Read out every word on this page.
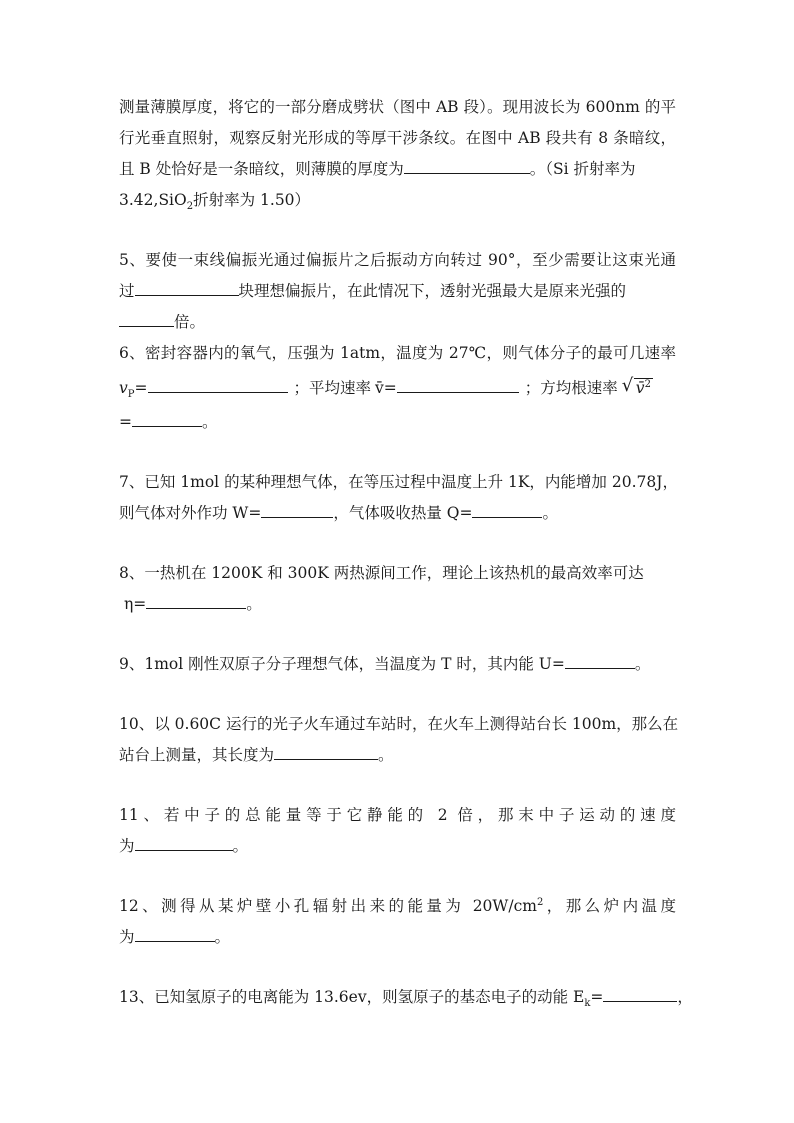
测量薄膜厚度，将它的一部分磨成劈状（图中 AB 段）。现用波长为 600nm 的平
行光垂直照射，观察反射光形成的等厚干涉条纹。在图中 AB 段共有 8 条暗纹，
且 B 处恰好是一条暗纹，则薄膜的厚度为	。（Si 折射率为
3.42,SiO$_2$折射率为 1.50）
5、要使一束线偏振光通过偏振片之后振动方向转过 90°，至少需要让这束光通
过	块理想偏振片，在此情况下，透射光强最大是原来光强的
倍。
6、密封容器内的氧气，压强为 1atm，温度为 27℃，则气体分子的最可几速率
$v_P=$	；平均速率 v̄=	；方均根速率√ v̄$^2$
=	。
7、已知 1mol 的某种理想气体，在等压过程中温度上升 1K，内能增加 20.78J，
则气体对外作功 W=	，气体吸收热量 Q=	。
8、一热机在 1200K 和 300K 两热源间工作，理论上该热机的最高效率可达
η=	。
9、1mol 刚性双原子分子理想气体，当温度为 T 时，其内能 U=	。
10、以 0.60C 运行的光子火车通过车站时，在火车上测得站台长 100m，那么在
站台上测量，其长度为	。
11、若中子的总能量等于它静能的 2 倍，那末中子运动的速度
为	。
12、测得从某炉壁小孔辐射出来的能量为 $20W/cm^2$，那么炉内温度
为	。
13、已知氢原子的电离能为 13.6ev，则氢原子的基态电子的动能 $E_k=$	，
